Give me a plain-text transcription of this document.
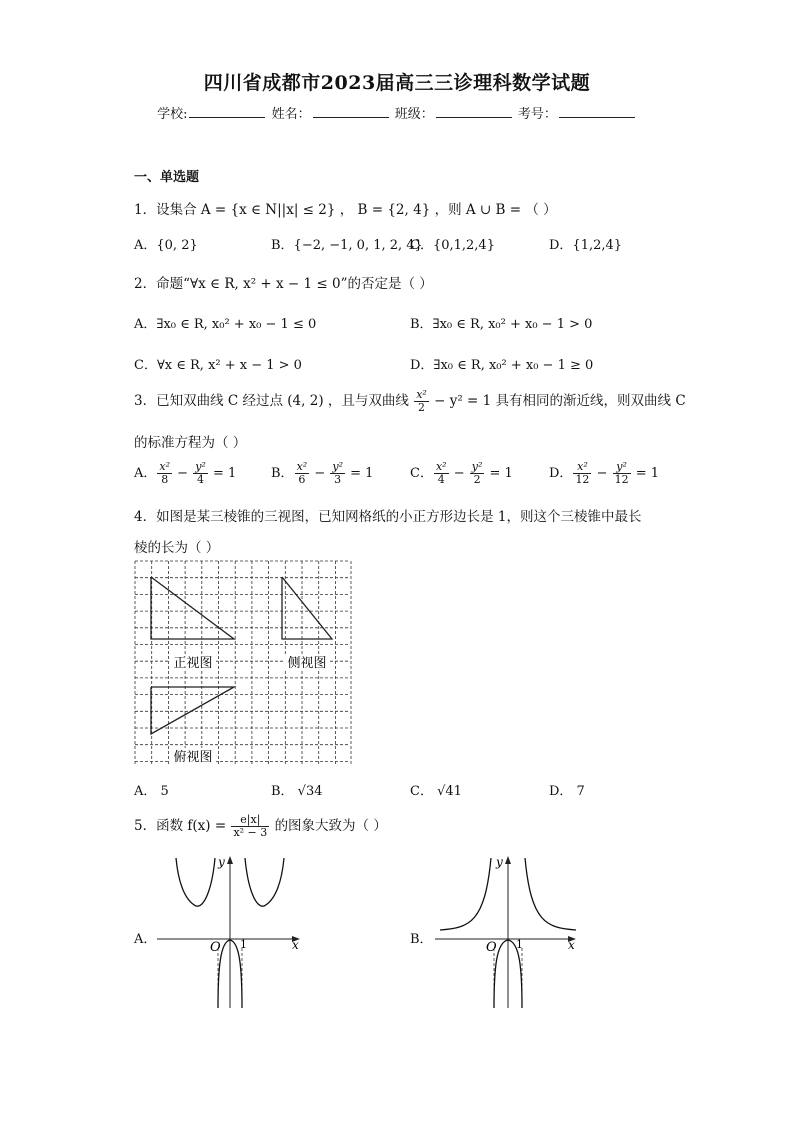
四川省成都市2023届高三三诊理科数学试题
学校:	姓名：	班级：	考号：
一、单选题
1．设集合 A = {x ∈ N||x| ≤ 2} ， B = {2, 4} ，则 A ∪ B = （ ）
A．{0, 2}	B．{−2, −1, 0, 1, 2, 4}
C．{0,1,2,4}	D．{1,2,4}
2．命题“∀x ∈ R, x² + x − 1 ≤ 0”的否定是（ ）
A．∃x₀ ∈ R, x₀² + x₀ − 1 ≤ 0	B．∃x₀ ∈ R, x₀² + x₀ − 1 > 0
C．∀x ∈ R, x² + x − 1 > 0	D．∃x₀ ∈ R, x₀² + x₀ − 1 ≥ 0
3．已知双曲线 C 经过点 (4, 2) ，且与双曲线 $\frac{\text{x²}}{2} - y^2 = 1$ 具有相同的渐近线，则双曲线 C
的标准方程为（ ）
A． $\frac{\text{x²}}{8} - \frac{\text{y²}}{4} = 1$	B． $\frac{\text{x²}}{6} - \frac{\text{y²}}{3} = 1$	C． $\frac{\text{x²}}{4} - \frac{\text{y²}}{2} = 1$	D． $\frac{\text{x²}}{12} - \frac{\text{y²}}{12} = 1$
4．如图是某三棱锥的三视图，已知网格纸的小正方形边长是 1，则这个三棱锥中最长
棱的长为（ ）
正视图	侧视图
俯视图
A． 5	B． √34	C． √41	D． 7
5．函数 $f(x) = \frac{e|x|}{\text{x² − 3}}$ 的图象大致为（ ）
A．	B．
y
x
O 1
y
x
O 1
